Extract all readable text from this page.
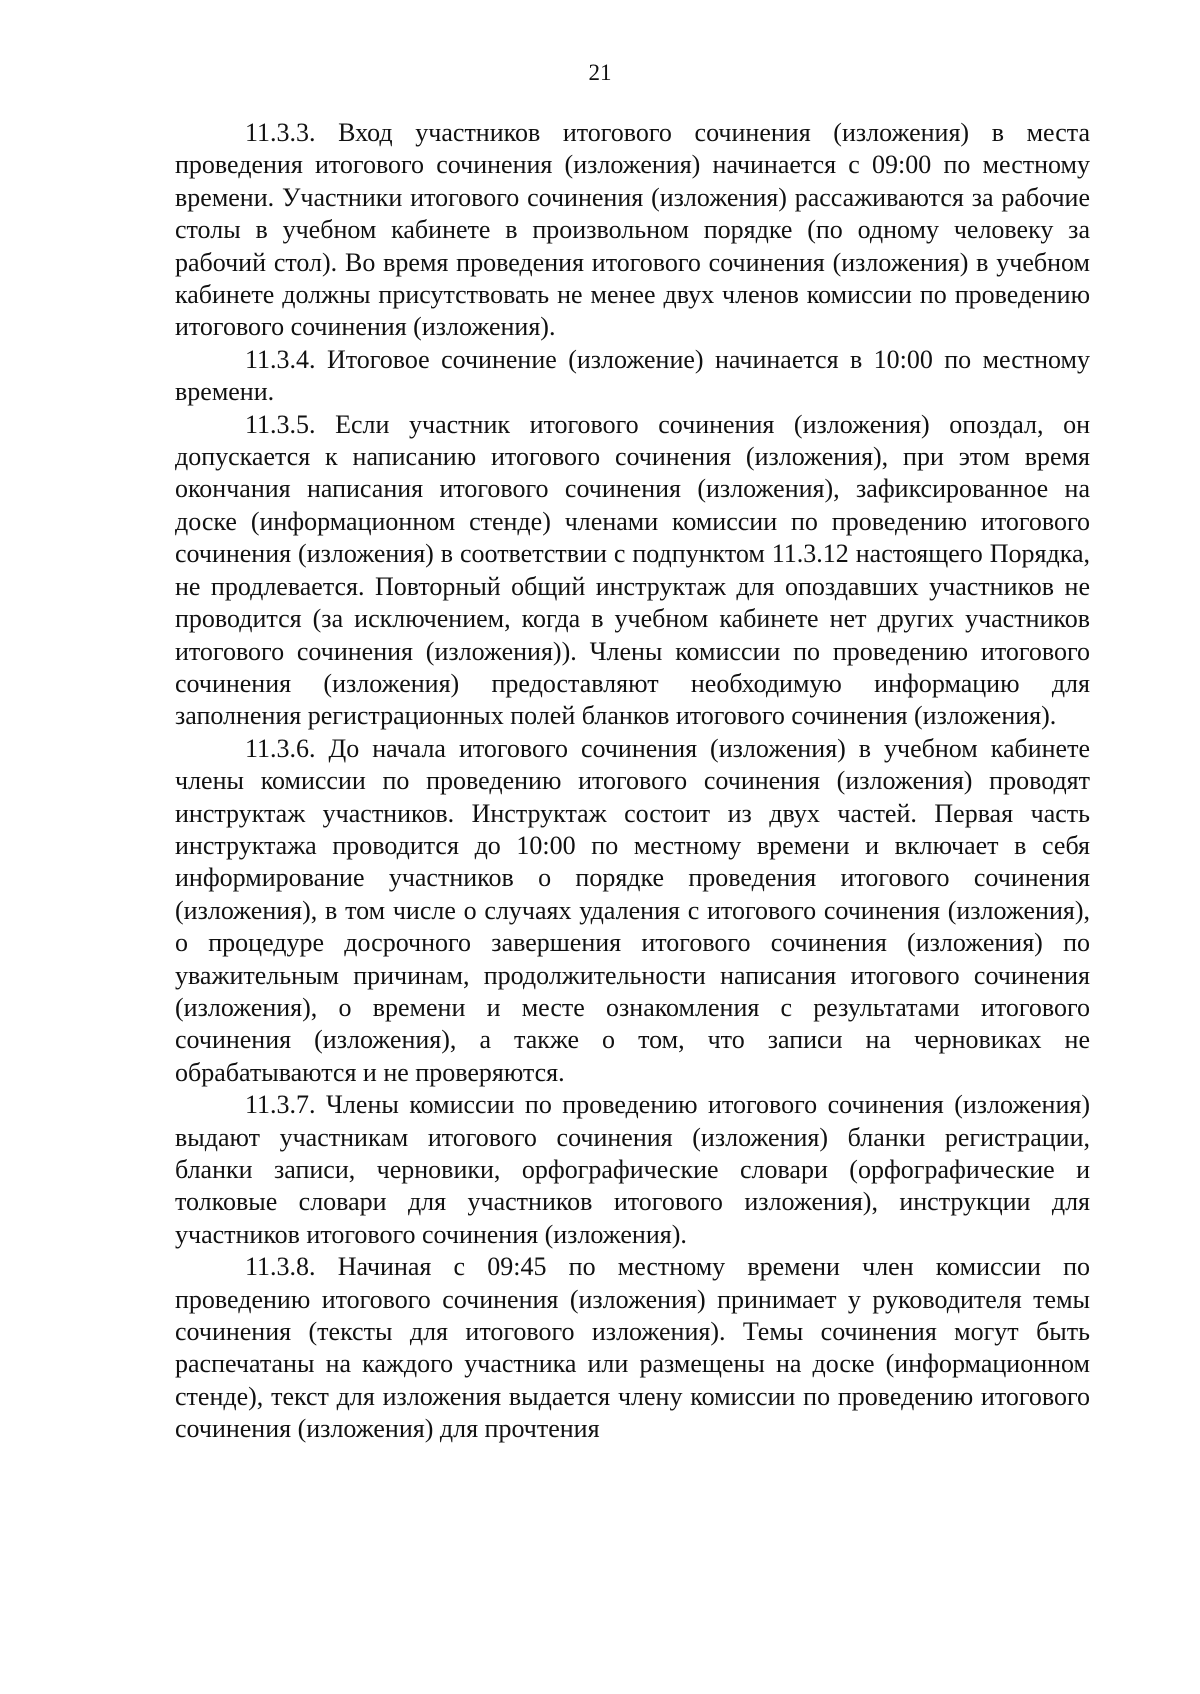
21

11.3.3. Вход участников итогового сочинения (изложения) в места проведения итогового сочинения (изложения) начинается с 09:00 по местному времени. Участники итогового сочинения (изложения) рассаживаются за рабочие столы в учебном кабинете в произвольном порядке (по одному человеку за рабочий стол). Во время проведения итогового сочинения (изложения) в учебном кабинете должны присутствовать не менее двух членов комиссии по проведению итогового сочинения (изложения).

11.3.4. Итоговое сочинение (изложение) начинается в 10:00 по местному времени.

11.3.5. Если участник итогового сочинения (изложения) опоздал, он допускается к написанию итогового сочинения (изложения), при этом время окончания написания итогового сочинения (изложения), зафиксированное на доске (информационном стенде) членами комиссии по проведению итогового сочинения (изложения) в соответствии с подпунктом 11.3.12 настоящего Порядка, не продлевается. Повторный общий инструктаж для опоздавших участников не проводится (за исключением, когда в учебном кабинете нет других участников итогового сочинения (изложения)). Члены комиссии по проведению итогового сочинения (изложения) предоставляют необходимую информацию для заполнения регистрационных полей бланков итогового сочинения (изложения).

11.3.6. До начала итогового сочинения (изложения) в учебном кабинете члены комиссии по проведению итогового сочинения (изложения) проводят инструктаж участников. Инструктаж состоит из двух частей. Первая часть инструктажа проводится до 10:00 по местному времени и включает в себя информирование участников о порядке проведения итогового сочинения (изложения), в том числе о случаях удаления с итогового сочинения (изложения), о процедуре досрочного завершения итогового сочинения (изложения) по уважительным причинам, продолжительности написания итогового сочинения (изложения), о времени и месте ознакомления с результатами итогового сочинения (изложения), а также о том, что записи на черновиках не обрабатываются и не проверяются.

11.3.7. Члены комиссии по проведению итогового сочинения (изложения) выдают участникам итогового сочинения (изложения) бланки регистрации, бланки записи, черновики, орфографические словари (орфографические и толковые словари для участников итогового изложения), инструкции для участников итогового сочинения (изложения).

11.3.8. Начиная с 09:45 по местному времени член комиссии по проведению итогового сочинения (изложения) принимает у руководителя темы сочинения (тексты для итогового изложения). Темы сочинения могут быть распечатаны на каждого участника или размещены на доске (информационном стенде), текст для изложения выдается члену комиссии по проведению итогового сочинения (изложения) для прочтения
